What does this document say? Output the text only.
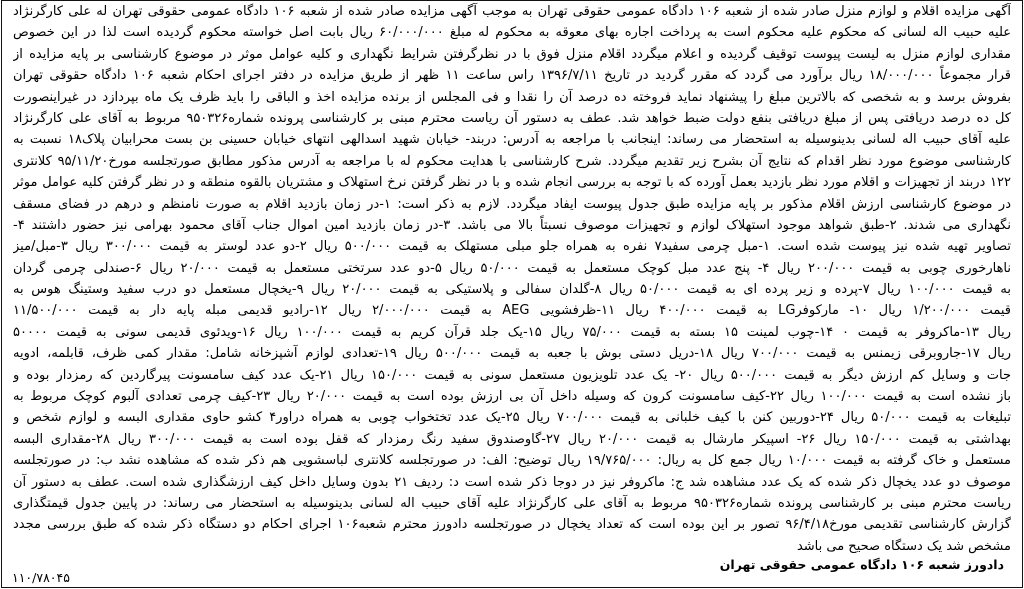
آگهی مزایده اقلام و لوازم منزل صادر شده از شعبه ۱۰۶ دادگاه عمومی حقوقی تهران به موجب آگهی مزایده صادر شده از شعبه ۱۰۶ دادگاه عمومی حقوقی تهران له علی کارگرنژاد
علیه حبیب اله لسانی که محکوم علیه محکوم است به پرداخت اجاره بهای معوقه به محکوم له مبلغ ۶۰/۰۰۰/۰۰۰ ریال بابت اصل خواسته محکوم گردیده است لذا در این خصوص
مقداری لوازم منزل به لیست پیوست توقیف گردیده و اعلام میگردد اقلام منزل فوق با در نظرگرفتن شرایط نگهداری و کلیه عوامل موثر در موضوع کارشناسی بر پایه مزایده از
قرار مجموعاً ۱۸/۰۰۰/۰۰۰ ریال برآورد می گردد که مقرر گردید در تاریخ ۱۳۹۶/۷/۱۱ راس ساعت ۱۱ ظهر از طریق مزایده در دفتر اجرای احکام شعبه ۱۰۶ دادگاه حقوقی تهران
بفروش برسد و به شخصی که بالاترین مبلغ را پیشنهاد نماید فروخته ده درصد آن را نقدا و فی المجلس از برنده مزایده اخذ و الباقی را باید ظرف یک ماه بپردازد در غیراینصورت
کل ده درصد دریافتی پس از مبلغ دریافتی بنفع دولت ضبط خواهد شد. عطف به دستور آن ریاست محترم مبنی بر کارشناسی پرونده شماره۹۵۰۳۲۶ مربوط به آقای علی کارگرنژاد
علیه آقای حبیب اله لسانی بدینوسیله به استحضار می رساند: اینجانب با مراجعه به آدرس: دربند- خیابان شهید اسدالهی انتهای خیابان حسینی بن بست محرابیان پلاک۱۸ نسبت به
کارشناسی موضوع مورد نظر اقدام که نتایج آن بشرح زیر تقدیم میگردد. شرح کارشناسی با هدایت محکوم له با مراجعه به آدرس مذکور مطابق صورتجلسه مورخ۹۵/۱۱/۲۰ کلانتری
۱۲۲ دربند از تجهیزات و اقلام مورد نظر بازدید بعمل آورده که با توجه به بررسی انجام شده و با در نظر گرفتن نرخ استهلاک و مشتریان بالقوه منطقه و در نظر گرفتن کلیه عوامل موثر
در موضوع کارشناسی ارزش اقلام مذکور بر پایه مزایده طبق جدول پیوست ایفاد میگردد. لازم به ذکر است: ۱-در زمان بازدید اقلام به صورت نامنظم و درهم در فضای مسقف
نگهداری می شدند. ۲-طبق شواهد موجود استهلاک لوازم و تجهیزات موصوف نسبتاً بالا می باشد. ۳-در زمان بازدید امین اموال جناب آقای محمود بهرامی نیز حضور داشتند ۴-
تصاویر تهیه شده نیز پیوست شده است. ۱-مبل چرمی سفید۷ نفره به همراه جلو مبلی مستهلک به قیمت ۵۰۰/۰۰۰ ریال ۲-دو عدد لوستر به قیمت ۳۰۰/۰۰۰ ریال ۳-مبل/میز
ناهارخوری چوبی به قیمت ۲۰۰/۰۰۰ ریال ۴- پنج عدد مبل کوچک مستعمل به قیمت ۵۰/۰۰۰ ریال ۵-دو عدد سرتختی مستعمل به قیمت ۲۰/۰۰۰ ریال ۶-صندلی چرمی گردان
به قیمت ۱۰۰/۰۰۰ ریال ۷-پرده و زیر پرده ای به قیمت ۵۰/۰۰۰ ریال ۸-گلدان سفالی و پلاستیکی به قیمت ۲۰/۰۰۰ ریال ۹-یخچال مستعمل دو درب سفید وستینگ هوس به
قیمت ۱/۲۰۰/۰۰۰ ریال ۱۰- مارکوفرLG به قیمت ۴۰۰/۰۰۰ ریال ۱۱-ظرفشویی AEG به قیمت ۲/۰۰۰/۰۰۰ ریال ۱۲-رادیو قدیمی مبله پایه دار به قیمت ۱۱/۵۰۰/۰۰۰
ریال ۱۳-ماکروفر به قیمت ۰ ۱۴-چوب لمینت ۱۵ بسته به قیمت ۷۵/۰۰۰ ریال ۱۵-یک جلد قرآن کریم به قیمت ۱۰۰/۰۰۰ ریال ۱۶-ویدئوی قدیمی سونی به قیمت ۵۰۰۰۰
ریال ۱۷-جاروبرقی زیمنس به قیمت ۷۰۰/۰۰۰ ریال ۱۸-دریل دستی بوش با جعبه به قیمت ۵۰۰/۰۰۰ ریال ۱۹-تعدادی لوازم آشپزخانه شامل: مقدار کمی ظرف، قابلمه، ادویه
جات و وسایل کم ارزش دیگر به قیمت ۵۰۰/۰۰۰ ریال ۲۰- یک عدد تلویزیون مستعمل سونی به قیمت ۱۵۰/۰۰۰ ریال ۲۱-یک عدد کیف سامسونت پیرگاردین که رمزدار بوده و
باز نشده است به قیمت ۱۰۰/۰۰۰ ریال ۲۲-کیف سامسونت کرون که وسیله داخل آن بی ارزش بوده است به قیمت ۲۰/۰۰۰ ریال ۲۳-کیف چرمی تعدادی آلبوم کوچک مربوط به
تبلیغات به قیمت ۵۰/۰۰۰ ریال ۲۴-دوربین کنن با کیف خلبانی به قیمت ۷۰۰/۰۰۰ ریال ۲۵-یک عدد تختخواب چوبی به همراه دراور۴ کشو حاوی مقداری البسه و لوازم شخص و
بهداشتی به قیمت ۱۵۰/۰۰۰ ریال ۲۶- اسپیکر مارشال به قیمت ۲۰/۰۰۰ ریال ۲۷-گاوصندوق سفید رنگ رمزدار که قفل بوده است به قیمت ۳۰۰/۰۰۰ ریال ۲۸-مقداری البسه
مستعمل و خاک گرفته به قیمت ۱۰/۰۰۰ ریال جمع کل به ریال: ۱۹/۷۶۵/۰۰۰ ریال توضیح: الف: در صورتجلسه کلانتری لباسشویی هم ذکر شده که مشاهده نشد ب: در صورتجلسه
موصوف دو عدد یخچال ذکر شده که یک عدد مشاهده شد ج: ماکروفر نیز در دوجا ذکر شده است د: ردیف ۲۱ بدون وسایل داخل کیف ارزشگذاری شده است. عطف به دستور آن
ریاست محترم مبنی بر کارشناسی پرونده شماره۹۵۰۳۲۶ مربوط به آقای علی کارگرنژاد علیه آقای حبیب اله لسانی بدینوسیله به استحضار می رساند: در پایین جدول قیمتگذاری
گزارش کارشناسی تقدیمی مورخ۹۶/۴/۱۸ تصور بر این بوده است که تعداد یخچال در صورتجلسه دادورز محترم شعبه۱۰۶ اجرای احکام دو دستگاه ذکر شده که طبق بررسی مجدد
مشخص شد یک دستگاه صحیح می باشد
دادورز شعبه ۱۰۶ دادگاه عمومی حقوقی تهران
۱۱۰/۷۸۰۴۵
